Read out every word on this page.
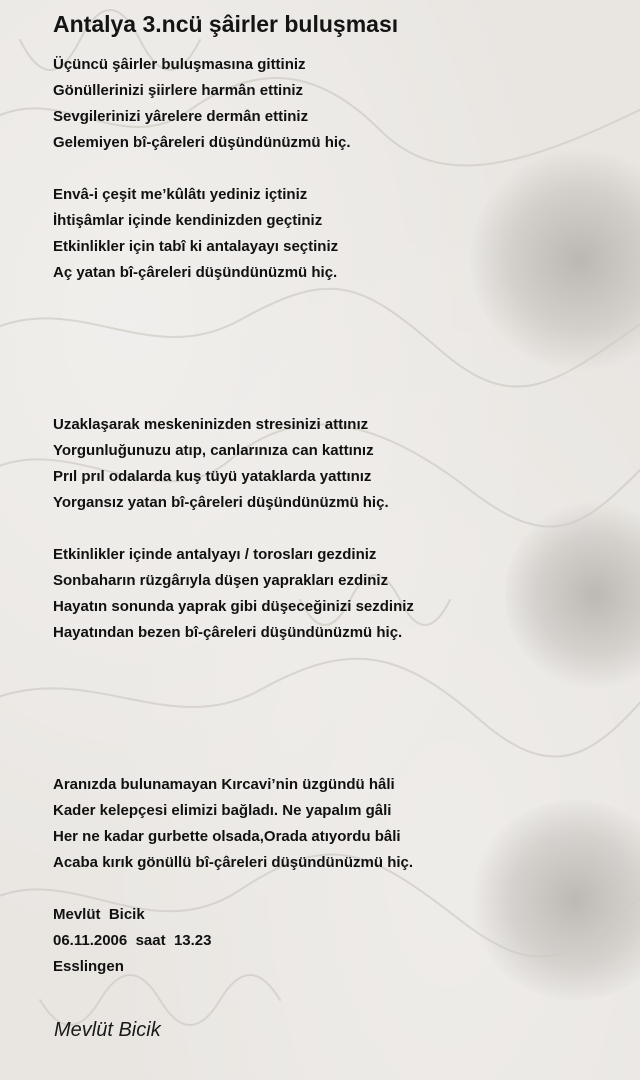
Antalya 3.ncü şâirler buluşması
Üçüncü şâirler buluşmasına gittiniz
Gönüllerinizi şiirlere harmân ettiniz
Sevgilerinizi yârelere dermân ettiniz
Gelemiyen bî-çâreleri düşündünüzmü hiç.
Envâ-i çeşit me’kûlâtı yediniz içtiniz
İhtişâmlar içinde kendinizden geçtiniz
Etkinlikler için tabî ki antalayayı seçtiniz
Aç yatan bî-çâreleri düşündünüzmü hiç.
Uzaklaşarak meskeninizden stresinizi attınız
Yorgunluğunuzu atıp, canlarınıza can kattınız
Prıl prıl odalarda kuş tüyü yataklarda yattınız
Yorgansız yatan bî-çâreleri düşündünüzmü hiç.
Etkinlikler içinde antalyayı / torosları gezdiniz
Sonbaharın rüzgârıyla düşen yaprakları ezdiniz
Hayatın sonunda yaprak gibi düşeceğinizi sezdiniz
Hayatından bezen bî-çâreleri düşündünüzmü hiç.
Aranızda bulunamayan Kırcavi’nin üzgündü hâli
Kader kelepçesi elimizi bağladı. Ne yapalım gâli
Her ne kadar gurbette olsada,Orada atıyordu bâli
Acaba kırık gönüllü bî-çâreleri düşündünüzmü hiç.
Mevlüt  Bicik
06.11.2006  saat  13.23
Esslingen
Mevlüt Bicik
